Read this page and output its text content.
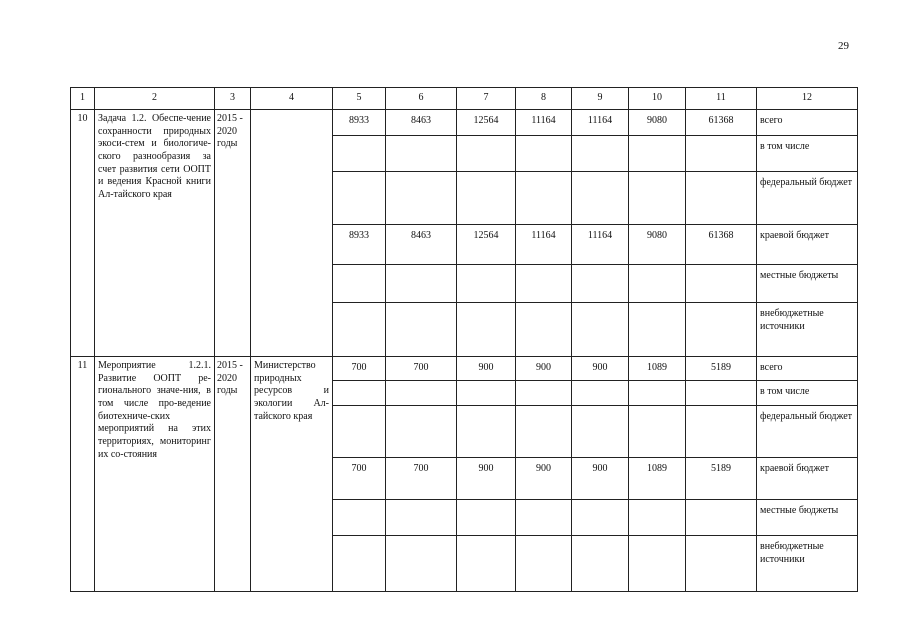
29
1	2	3	4	5	6	7	8	9	10	11	12
10	Задача 1.2. Обеспе-чение сохранности природных экоси-стем и биологиче-ского разнообразия за счет развития сети ООПТ и ведения Красной книги Ал-тайского края	2015 - 2020 годы		8933	8463	12564	11164	11164	9080	61368	всего
											в том числе
											федеральный бюджет
				8933	8463	12564	11164	11164	9080	61368	краевой бюджет
											местные бюджеты
											внебюджетные источники
11	Мероприятие 1.2.1. Развитие ООПТ ре-гионального значе-ния, в том числе про-ведение биотехниче-ских мероприятий на этих территориях, мониторинг их со-стояния	2015 - 2020 годы	Министерство природных ресурсов и экологии Ал-тайского края	700	700	900	900	900	1089	5189	всего
											в том числе
											федеральный бюджет
				700	700	900	900	900	1089	5189	краевой бюджет
											местные бюджеты
											внебюджетные источники
